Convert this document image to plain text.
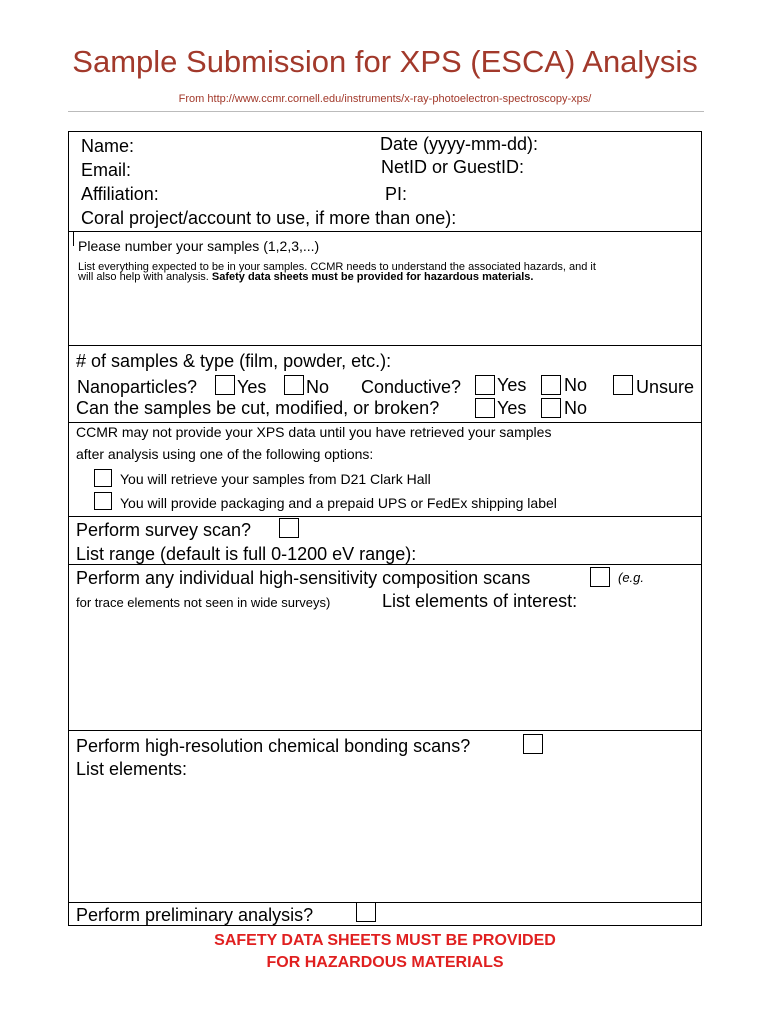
Sample Submission for XPS (ESCA) Analysis
From http://www.ccmr.cornell.edu/instruments/x-ray-photoelectron-spectroscopy-xps/
Name:	Date (yyyy-mm-dd):
Email:	NetID or GuestID:
Affiliation:	PI:
Coral project/account to use, if more than one):
Please number your samples (1,2,3,...)
List everything expected to be in your samples. CCMR needs to understand the associated hazards, and it
will also help with analysis. Safety data sheets must be provided for hazardous materials.
# of samples & type (film, powder, etc.):
Nanoparticles? Yes No Conductive? Yes No	Unsure
Can the samples be cut, modified, or broken?	Yes No
CCMR may not provide your XPS data until you have retrieved your samples
after analysis using one of the following options:
You will retrieve your samples from D21 Clark Hall
You will provide packaging and a prepaid UPS or FedEx shipping label
Perform survey scan?
List range (default is full 0-1200 eV range):
Perform any individual high-sensitivity composition scans	(e.g.
for trace elements not seen in wide surveys)	List elements of interest:
Perform high-resolution chemical bonding scans?
List elements:
Perform preliminary analysis?
SAFETY DATA SHEETS MUST BE PROVIDED
FOR HAZARDOUS MATERIALS
